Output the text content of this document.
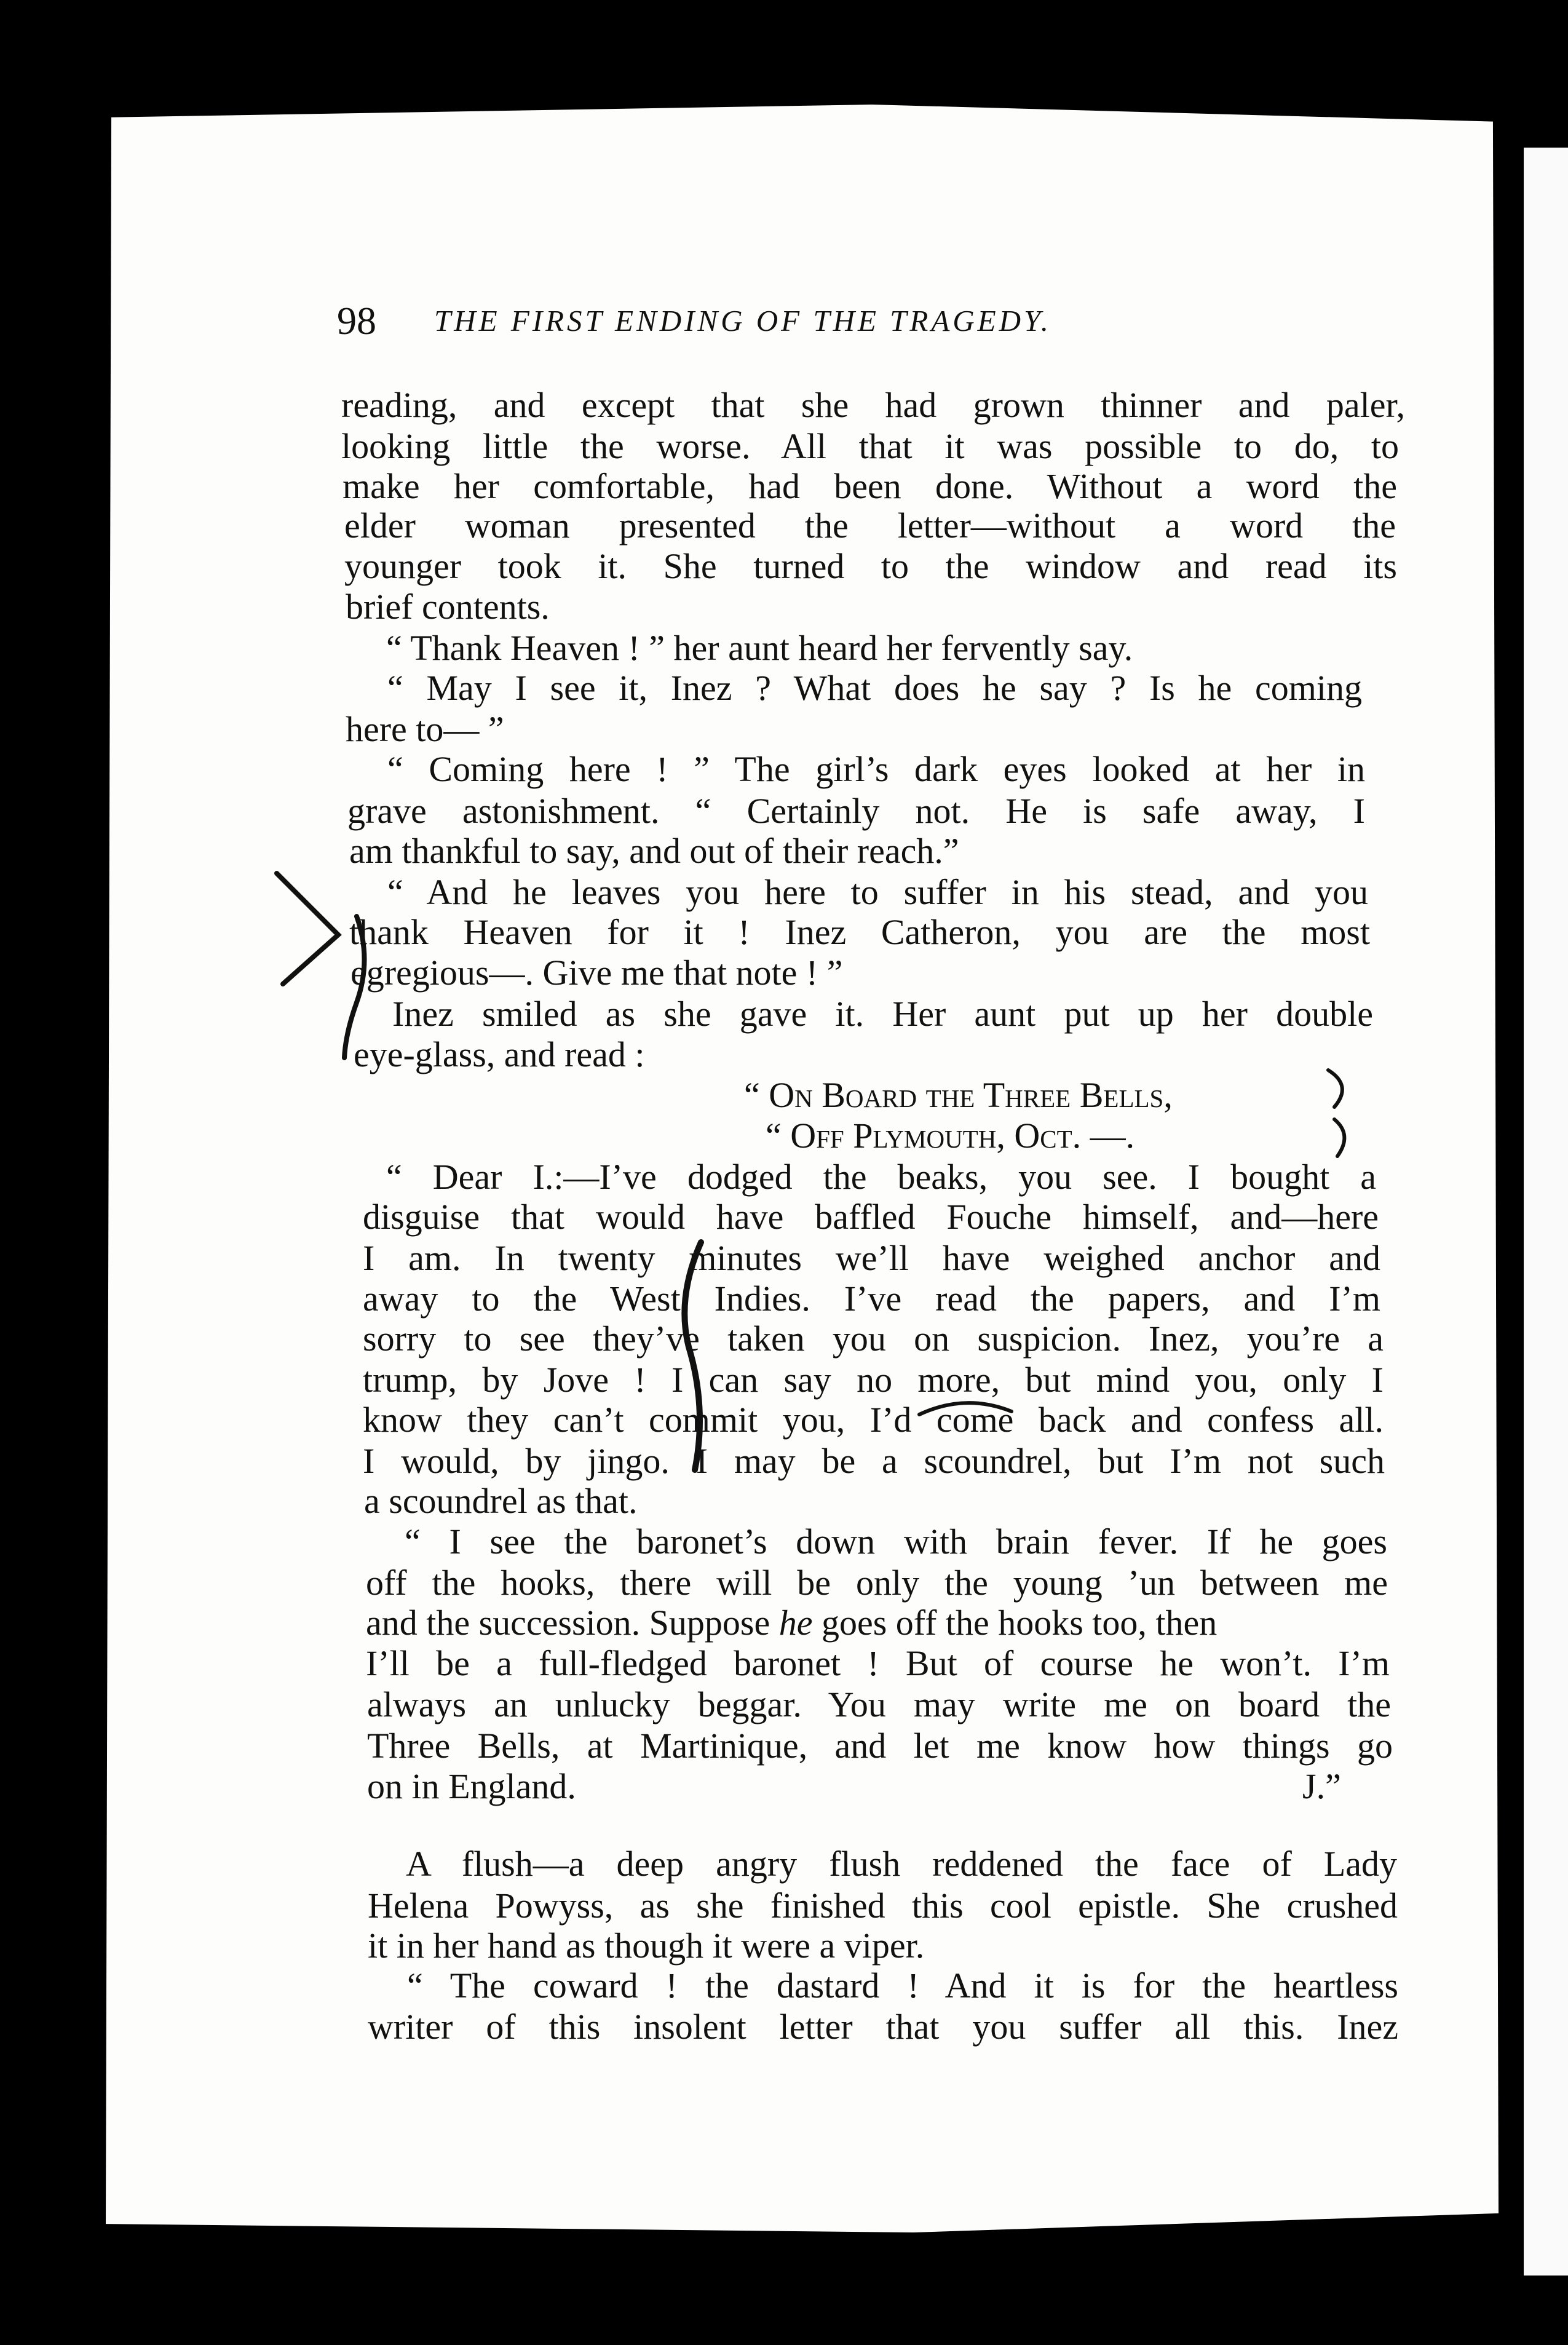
98 THE FIRST ENDING OF THE TRAGEDY.
reading, and except that she had grown thinner and paler,
looking little the worse. All that it was possible to do, to
make her comfortable, had been done. Without a word the
elder woman presented the letter—without a word the
younger took it. She turned to the window and read its
brief contents.
“ Thank Heaven ! ” her aunt heard her fervently say.
“ May I see it, Inez ? What does he say ? Is he coming
here to— ”
“ Coming here ! ” The girl’s dark eyes looked at her in
grave astonishment. “ Certainly not. He is safe away, I
am thankful to say, and out of their reach.”
“ And he leaves you here to suffer in his stead, and you
thank Heaven for it ! Inez Catheron, you are the most
egregious—. Give me that note ! ”
Inez smiled as she gave it. Her aunt put up her double
eye-glass, and read :
“ On Board the Three Bells,
“ Off Plymouth, Oct. —.
“ Dear I.:—I’ve dodged the beaks, you see. I bought a
disguise that would have baffled Fouche himself, and—here
I am. In twenty minutes we’ll have weighed anchor and
away to the West Indies. I’ve read the papers, and I’m
sorry to see they’ve taken you on suspicion. Inez, you’re a
trump, by Jove ! I can say no more, but mind you, only I
know they can’t commit you, I’d come back and confess all.
I would, by jingo. I may be a scoundrel, but I’m not such
a scoundrel as that.
“ I see the baronet’s down with brain fever. If he goes
off the hooks, there will be only the young ’un between me
and the succession. Suppose he goes off the hooks too, then
I’ll be a full-fledged baronet ! But of course he won’t. I’m
always an unlucky beggar. You may write me on board the
Three Bells, at Martinique, and let me know how things go
on in England.	J.”
A flush—a deep angry flush reddened the face of Lady
Helena Powyss, as she finished this cool epistle. She crushed
it in her hand as though it were a viper.
“ The coward ! the dastard ! And it is for the heartless
writer of this insolent letter that you suffer all this. Inez
